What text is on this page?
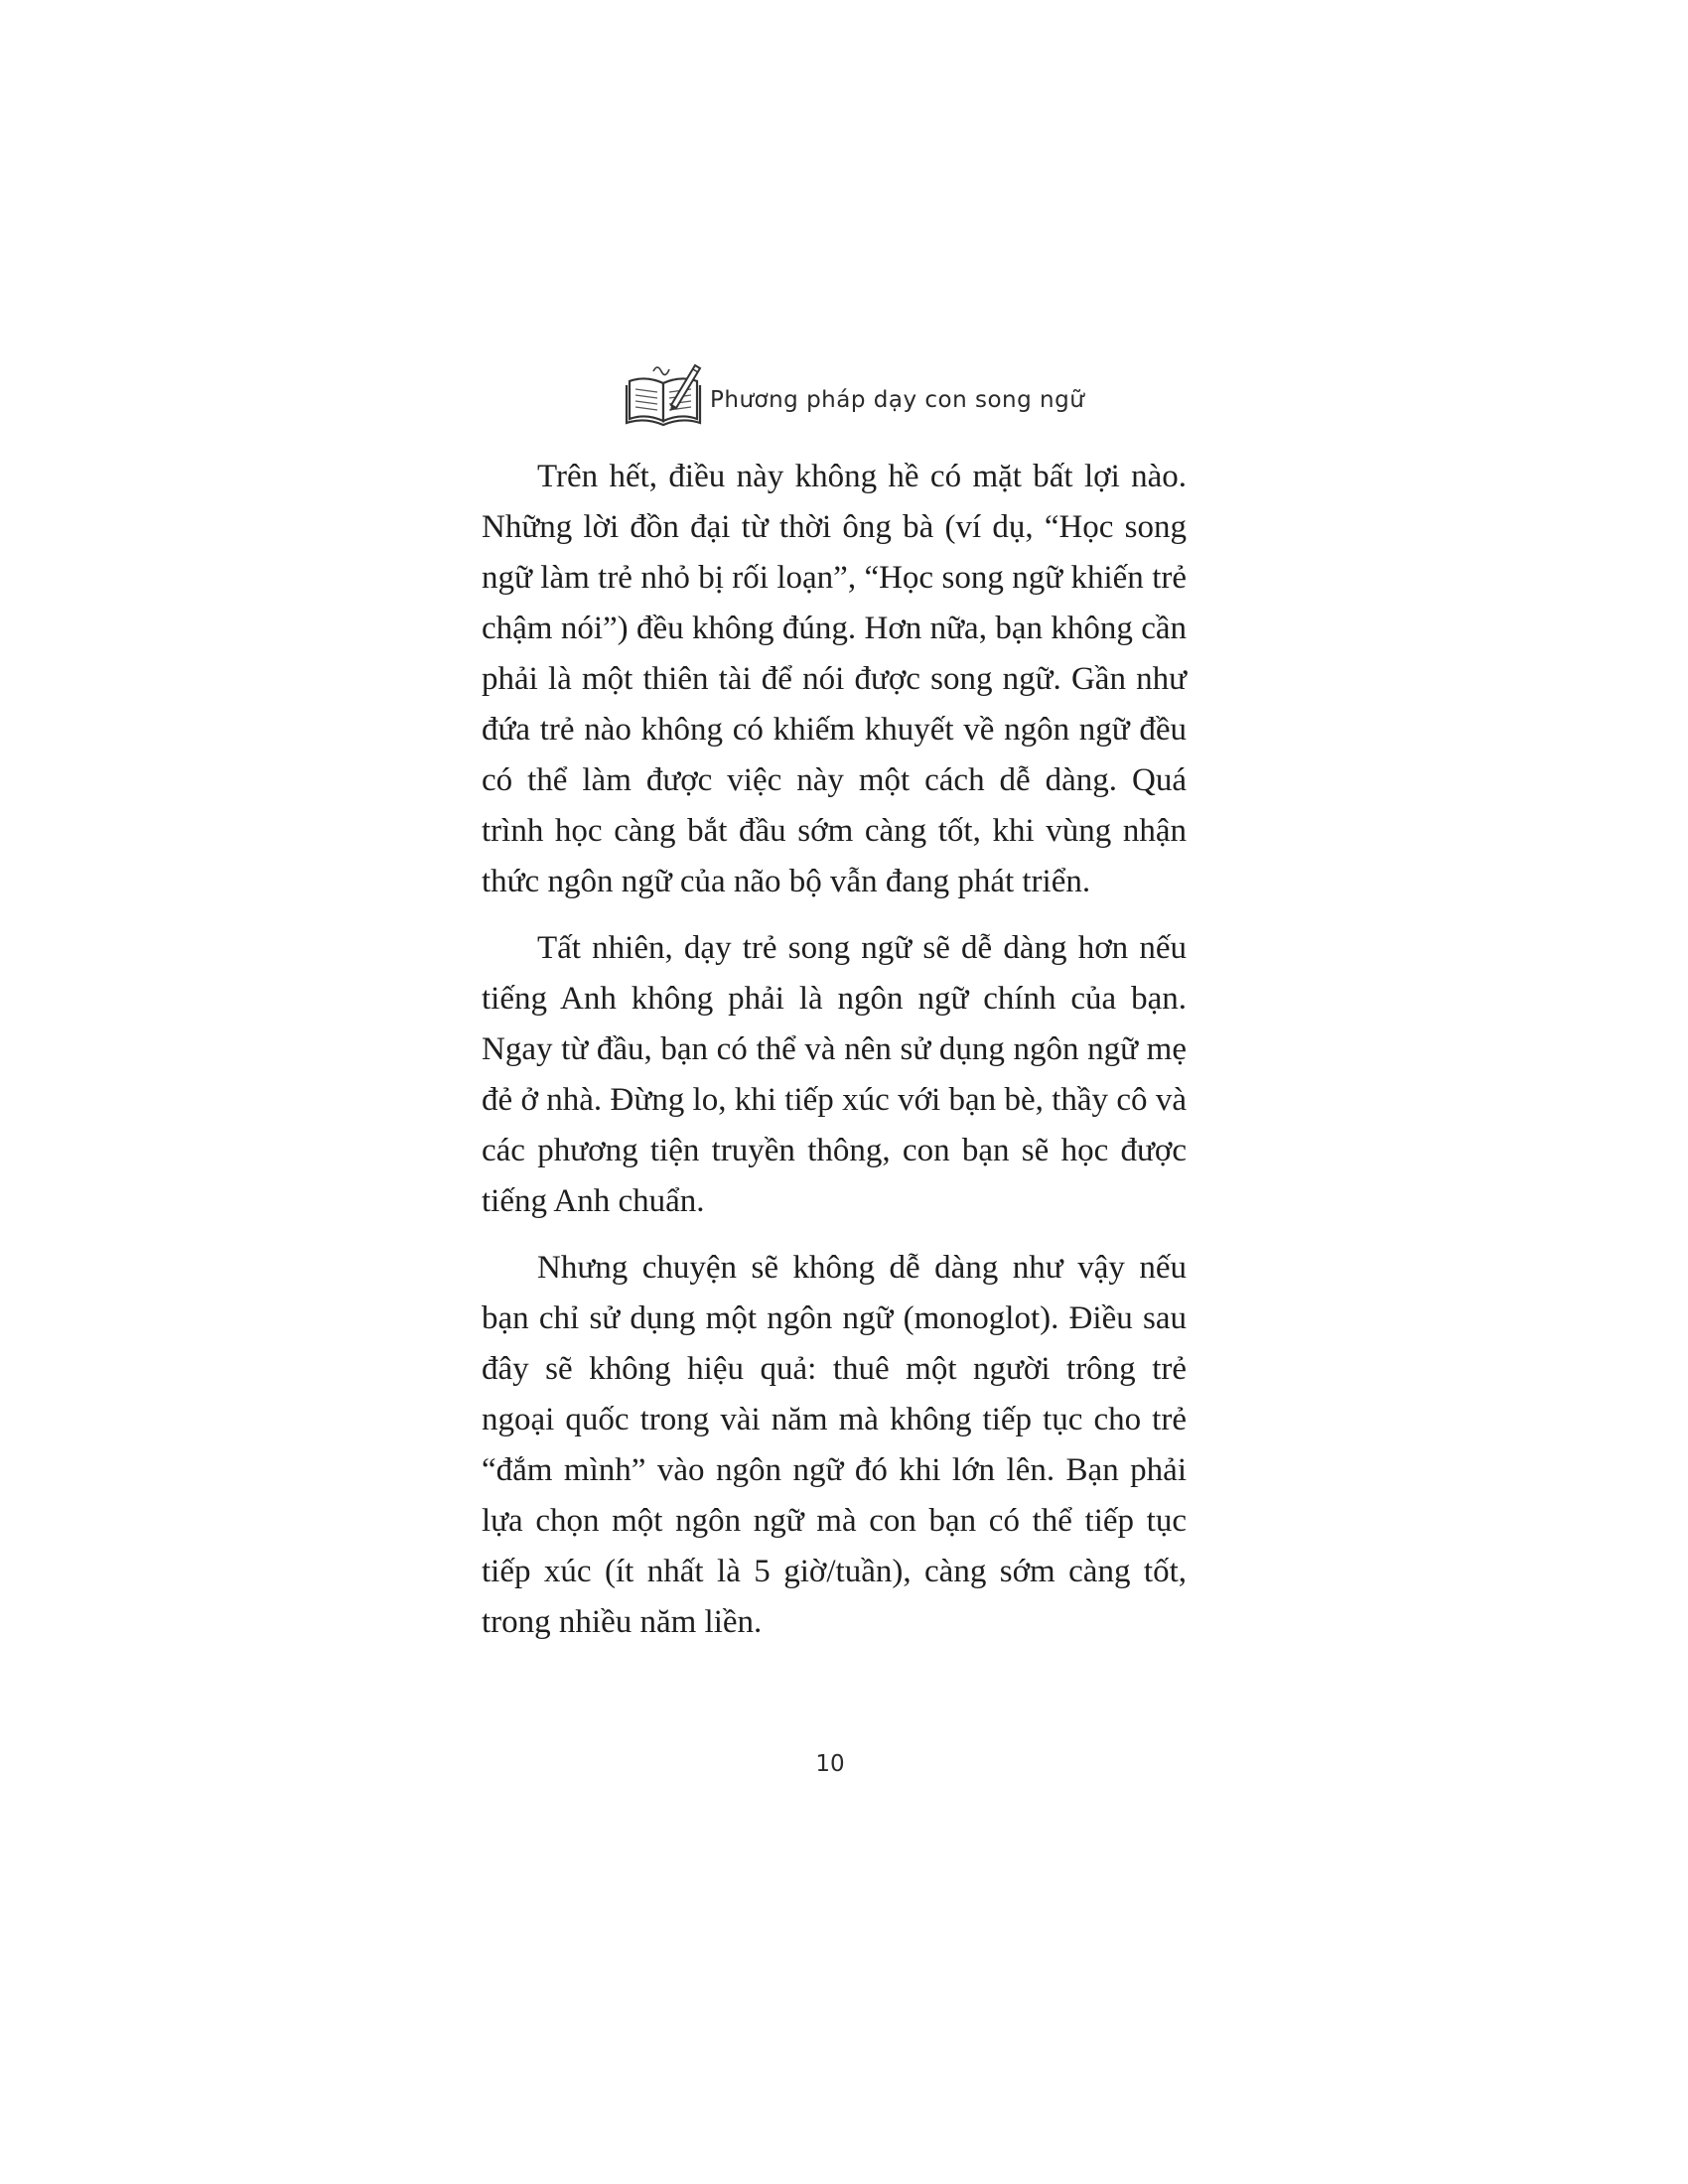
Phương pháp dạy con song ngữ

Trên hết, điều này không hề có mặt bất lợi nào. Những lời đồn đại từ thời ông bà (ví dụ, “Học song ngữ làm trẻ nhỏ bị rối loạn”, “Học song ngữ khiến trẻ chậm nói”) đều không đúng. Hơn nữa, bạn không cần phải là một thiên tài để nói được song ngữ. Gần như đứa trẻ nào không có khiếm khuyết về ngôn ngữ đều có thể làm được việc này một cách dễ dàng. Quá trình học càng bắt đầu sớm càng tốt, khi vùng nhận thức ngôn ngữ của não bộ vẫn đang phát triển.

Tất nhiên, dạy trẻ song ngữ sẽ dễ dàng hơn nếu tiếng Anh không phải là ngôn ngữ chính của bạn. Ngay từ đầu, bạn có thể và nên sử dụng ngôn ngữ mẹ đẻ ở nhà. Đừng lo, khi tiếp xúc với bạn bè, thầy cô và các phương tiện truyền thông, con bạn sẽ học được tiếng Anh chuẩn.

Nhưng chuyện sẽ không dễ dàng như vậy nếu bạn chỉ sử dụng một ngôn ngữ (monoglot). Điều sau đây sẽ không hiệu quả: thuê một người trông trẻ ngoại quốc trong vài năm mà không tiếp tục cho trẻ “đắm mình” vào ngôn ngữ đó khi lớn lên. Bạn phải lựa chọn một ngôn ngữ mà con bạn có thể tiếp tục tiếp xúc (ít nhất là 5 giờ/tuần), càng sớm càng tốt, trong nhiều năm liền.

10
